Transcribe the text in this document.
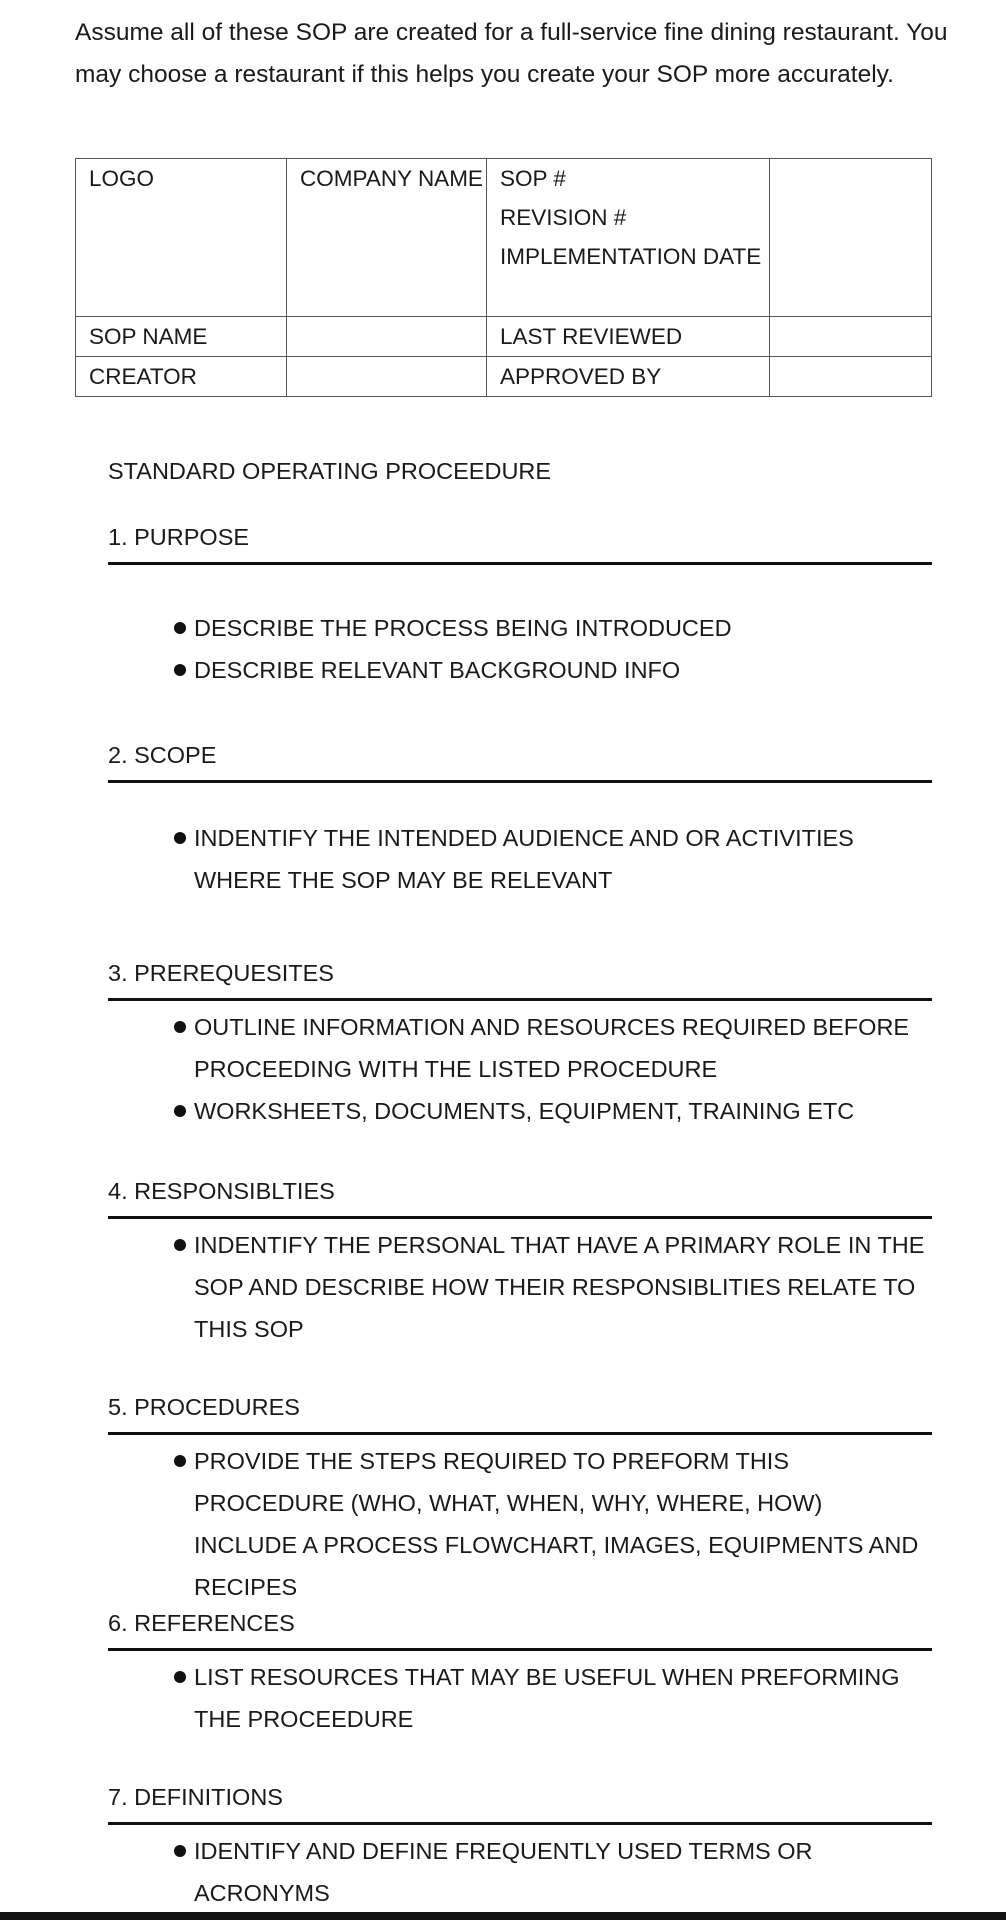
Assume all of these SOP are created for a full-service fine dining restaurant. You may choose a restaurant if this helps you create your SOP more accurately.

LOGO	COMPANY NAME	SOP #
REVISION #
IMPLEMENTATION DATE	

SOP NAME		LAST REVIEWED	
CREATOR		APPROVED BY	

STANDARD OPERATING PROCEEDURE

1. PURPOSE

DESCRIBE THE PROCESS BEING INTRODUCED
DESCRIBE RELEVANT BACKGROUND INFO

2. SCOPE

INDENTIFY THE INTENDED AUDIENCE AND OR ACTIVITIES WHERE THE SOP MAY BE RELEVANT

3. PREREQUESITES

OUTLINE INFORMATION AND RESOURCES REQUIRED BEFORE PROCEEDING WITH THE LISTED PROCEDURE
WORKSHEETS, DOCUMENTS, EQUIPMENT, TRAINING ETC

4. RESPONSIBLTIES

INDENTIFY THE PERSONAL THAT HAVE A PRIMARY ROLE IN THE SOP AND DESCRIBE HOW THEIR RESPONSIBLITIES RELATE TO THIS SOP

5. PROCEDURES

PROVIDE THE STEPS REQUIRED TO PREFORM THIS PROCEDURE (WHO, WHAT, WHEN, WHY, WHERE, HOW) INCLUDE A PROCESS FLOWCHART, IMAGES, EQUIPMENTS AND RECIPES

6. REFERENCES

LIST RESOURCES THAT MAY BE USEFUL WHEN PREFORMING THE PROCEEDURE

7. DEFINITIONS

IDENTIFY AND DEFINE FREQUENTLY USED TERMS OR ACRONYMS
